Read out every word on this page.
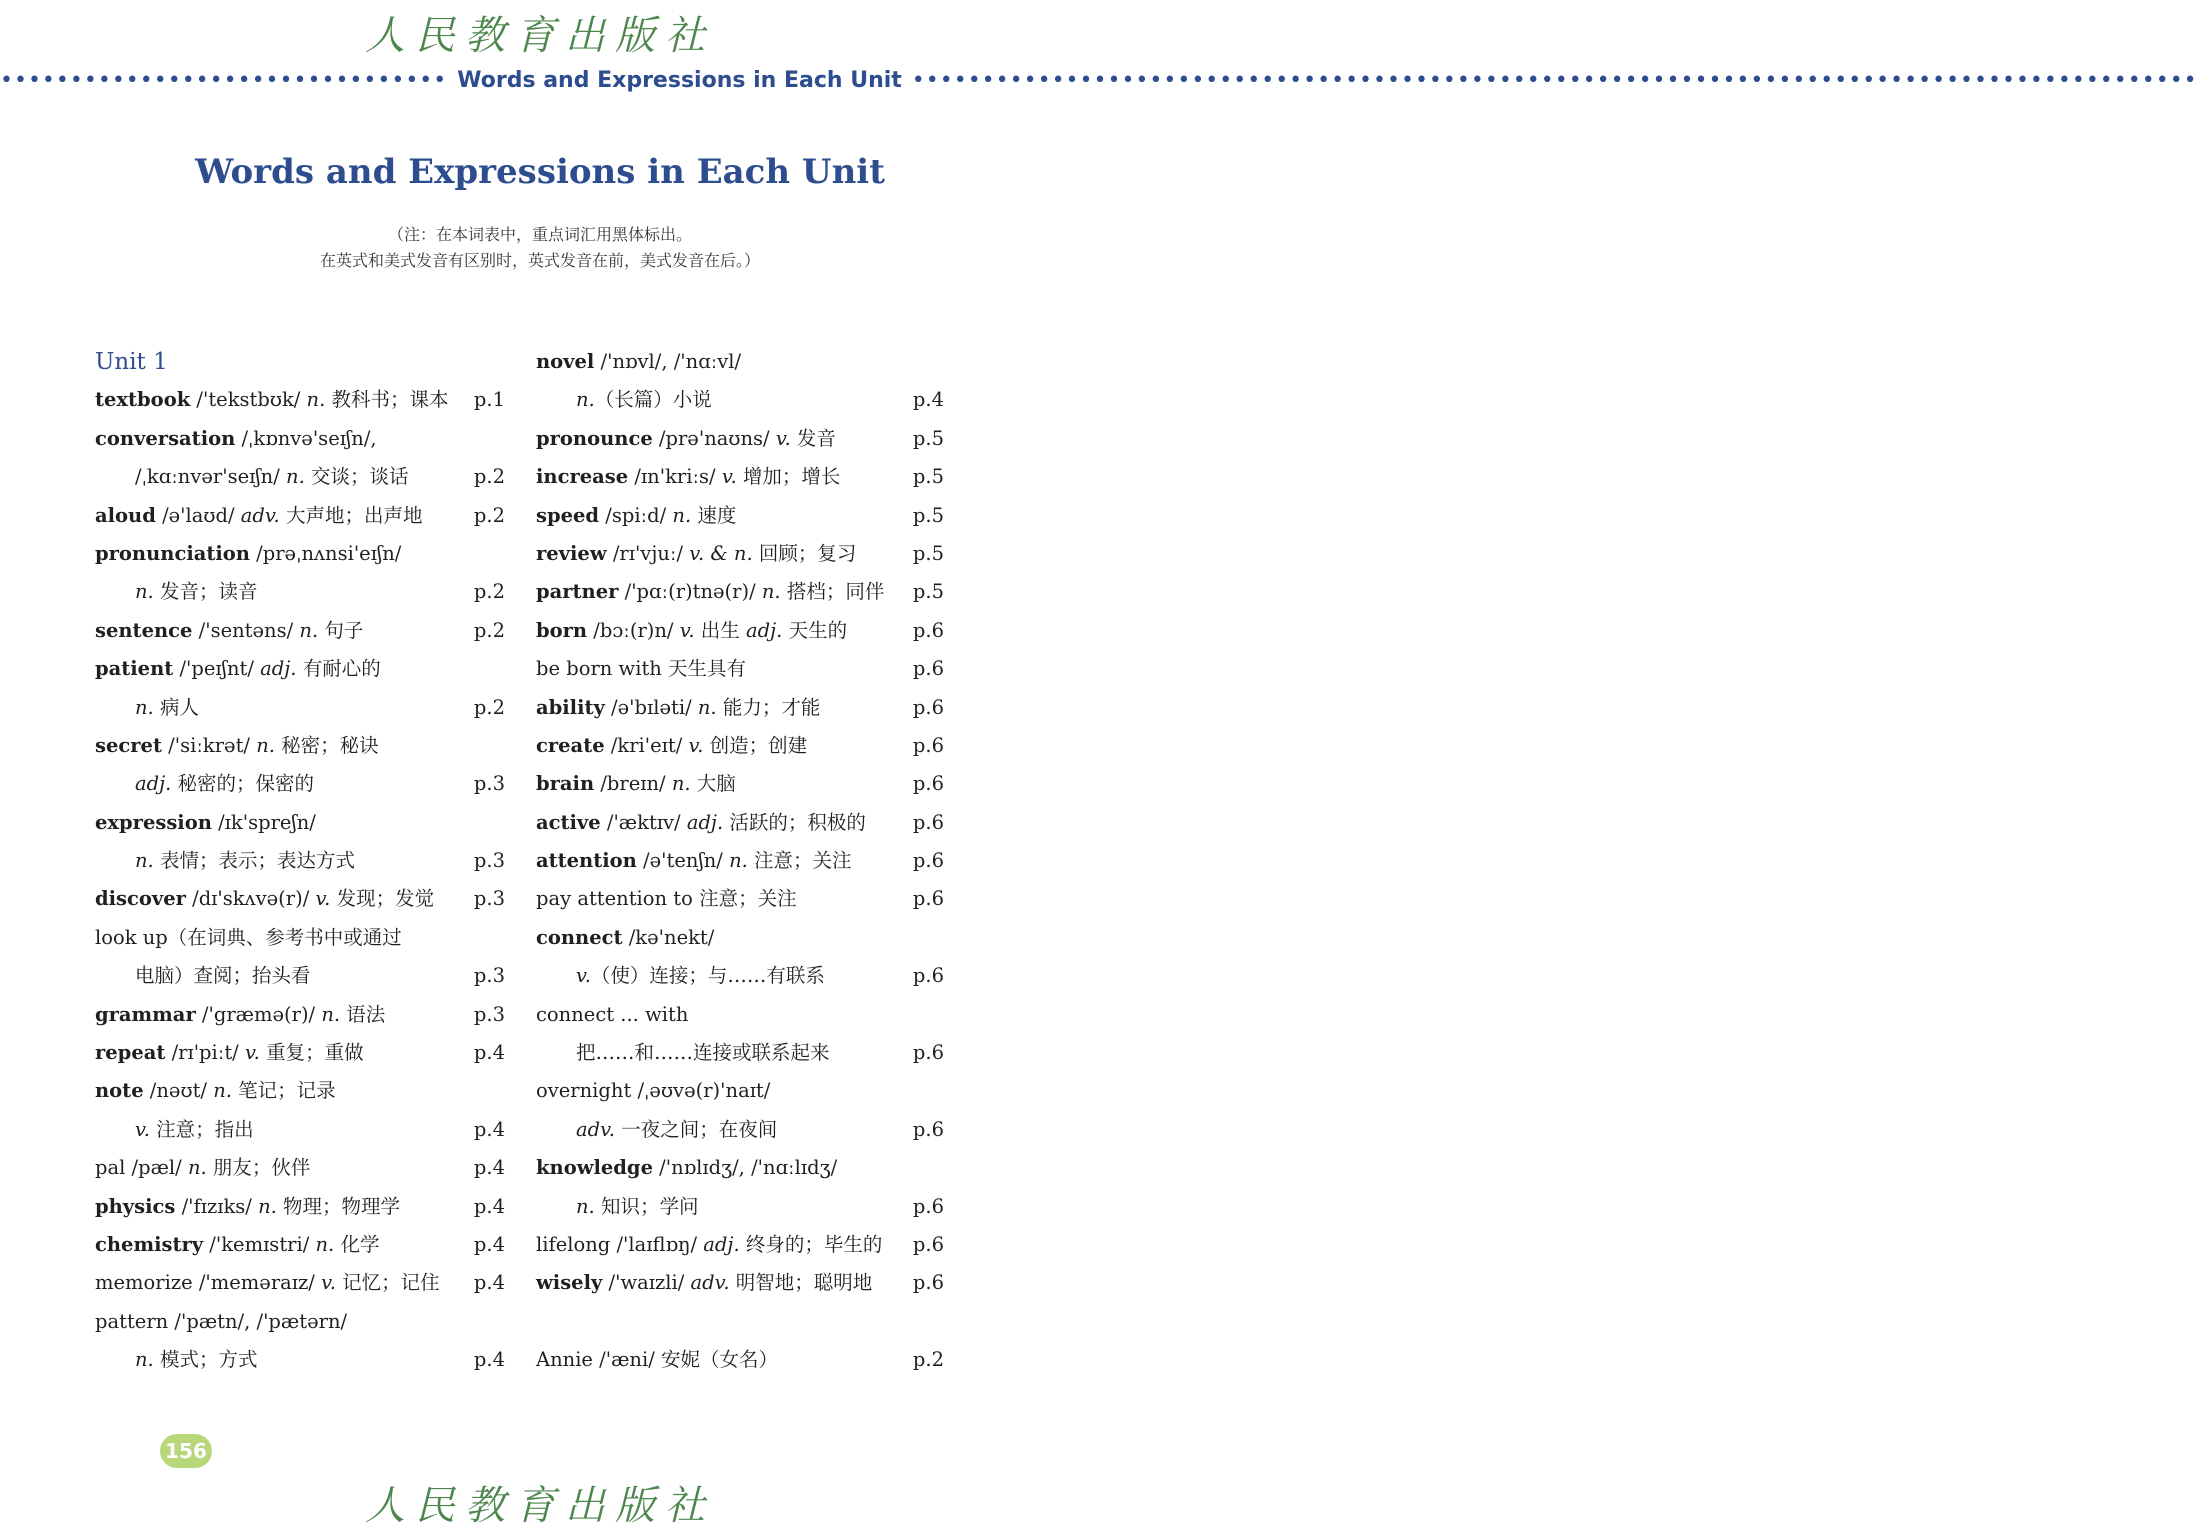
人民教育出版社
•••••••••••••••••••••••••••••••• Words and Expressions in Each Unit ••••••••••••••••••••••••••••••••••••••••••••••••••••••••••••••••••••••••••••••••••••••••••••
Words and Expressions in Each Unit
（注：在本词表中，重点词汇用黑体标出。
在英式和美式发音有区别时，英式发音在前，美式发音在后。）
Unit 1
textbook /'tekstbʊk/ n. 教科书；课本	p.1
conversation /ˌkɒnvə'seɪʃn/,
/ˌkɑːnvər'seɪʃn/ n. 交谈；谈话	p.2
aloud /ə'laʊd/ adv. 大声地；出声地	p.2
pronunciation /prəˌnʌnsi'eɪʃn/
n. 发音；读音	p.2
sentence /'sentəns/ n. 句子	p.2
patient /'peɪʃnt/ adj. 有耐心的
n. 病人	p.2
secret /'siːkrət/ n. 秘密；秘诀
adj. 秘密的；保密的	p.3
expression /ɪk'spreʃn/
n. 表情；表示；表达方式	p.3
discover /dɪ'skʌvə(r)/ v. 发现；发觉	p.3
look up（在词典、参考书中或通过
电脑）查阅；抬头看	p.3
grammar /'græmə(r)/ n. 语法	p.3
repeat /rɪ'piːt/ v. 重复；重做	p.4
note /nəʊt/ n. 笔记；记录
v. 注意；指出	p.4
pal /pæl/ n. 朋友；伙伴	p.4
physics /'fɪzɪks/ n. 物理；物理学	p.4
chemistry /'kemɪstri/ n. 化学	p.4
memorize /'meməraɪz/ v. 记忆；记住	p.4
pattern /'pætn/, /'pætərn/
n. 模式；方式	p.4
novel /'nɒvl/, /'nɑːvl/
n.（长篇）小说	p.4
pronounce /prə'naʊns/ v. 发音	p.5
increase /ɪn'kriːs/ v. 增加；增长	p.5
speed /spiːd/ n. 速度	p.5
review /rɪ'vjuː/ v. & n. 回顾；复习	p.5
partner /'pɑː(r)tnə(r)/ n. 搭档；同伴	p.5
born /bɔː(r)n/ v. 出生 adj. 天生的	p.6
be born with 天生具有	p.6
ability /ə'bɪləti/ n. 能力；才能	p.6
create /kri'eɪt/ v. 创造；创建	p.6
brain /breɪn/ n. 大脑	p.6
active /'æktɪv/ adj. 活跃的；积极的	p.6
attention /ə'tenʃn/ n. 注意；关注	p.6
pay attention to 注意；关注	p.6
connect /kə'nekt/
v.（使）连接；与……有联系	p.6
connect ... with
把……和……连接或联系起来	p.6
overnight /ˌəʊvə(r)'naɪt/
adv. 一夜之间；在夜间	p.6
knowledge /'nɒlɪdʒ/, /'nɑːlɪdʒ/
n. 知识；学问	p.6
lifelong /'laɪflɒŋ/ adj. 终身的；毕生的	p.6
wisely /'waɪzli/ adv. 明智地；聪明地	p.6
Annie /'æni/ 安妮（女名）	p.2
156
人民教育出版社
